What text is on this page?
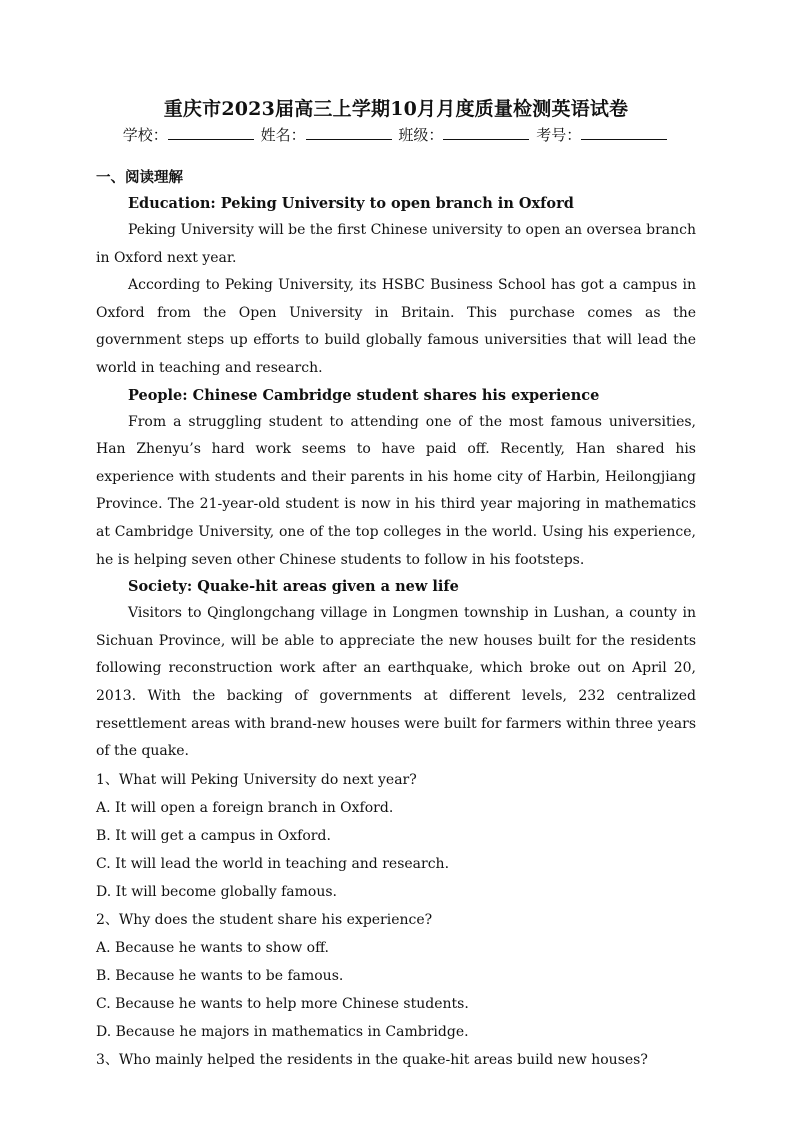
重庆市2023届高三上学期10月月度质量检测英语试卷
学校：	姓名：	班级：	考号：
一、阅读理解
Education: Peking University to open branch in Oxford

Peking University will be the first Chinese university to open an oversea branch in Oxford next year.

According to Peking University, its HSBC Business School has got a campus in Oxford from the Open University in Britain. This purchase comes as the government steps up efforts to build globally famous universities that will lead the world in teaching and research.

People: Chinese Cambridge student shares his experience

From a struggling student to attending one of the most famous universities, Han Zhenyu’s hard work seems to have paid off. Recently, Han shared his experience with students and their parents in his home city of Harbin, Heilongjiang Province. The 21-year-old student is now in his third year majoring in mathematics at Cambridge University, one of the top colleges in the world. Using his experience, he is helping seven other Chinese students to follow in his footsteps.

Society: Quake-hit areas given a new life

Visitors to Qinglongchang village in Longmen township in Lushan, a county in Sichuan Province, will be able to appreciate the new houses built for the residents following reconstruction work after an earthquake, which broke out on April 20, 2013. With the backing of governments at different levels, 232 centralized resettlement areas with brand-new houses were built for farmers within three years of the quake.

1、What will Peking University do next year?

A. It will open a foreign branch in Oxford.

B. It will get a campus in Oxford.

C. It will lead the world in teaching and research.

D. It will become globally famous.

2、Why does the student share his experience?

A. Because he wants to show off.

B. Because he wants to be famous.

C. Because he wants to help more Chinese students.

D. Because he majors in mathematics in Cambridge.

3、Who mainly helped the residents in the quake-hit areas build new houses?
